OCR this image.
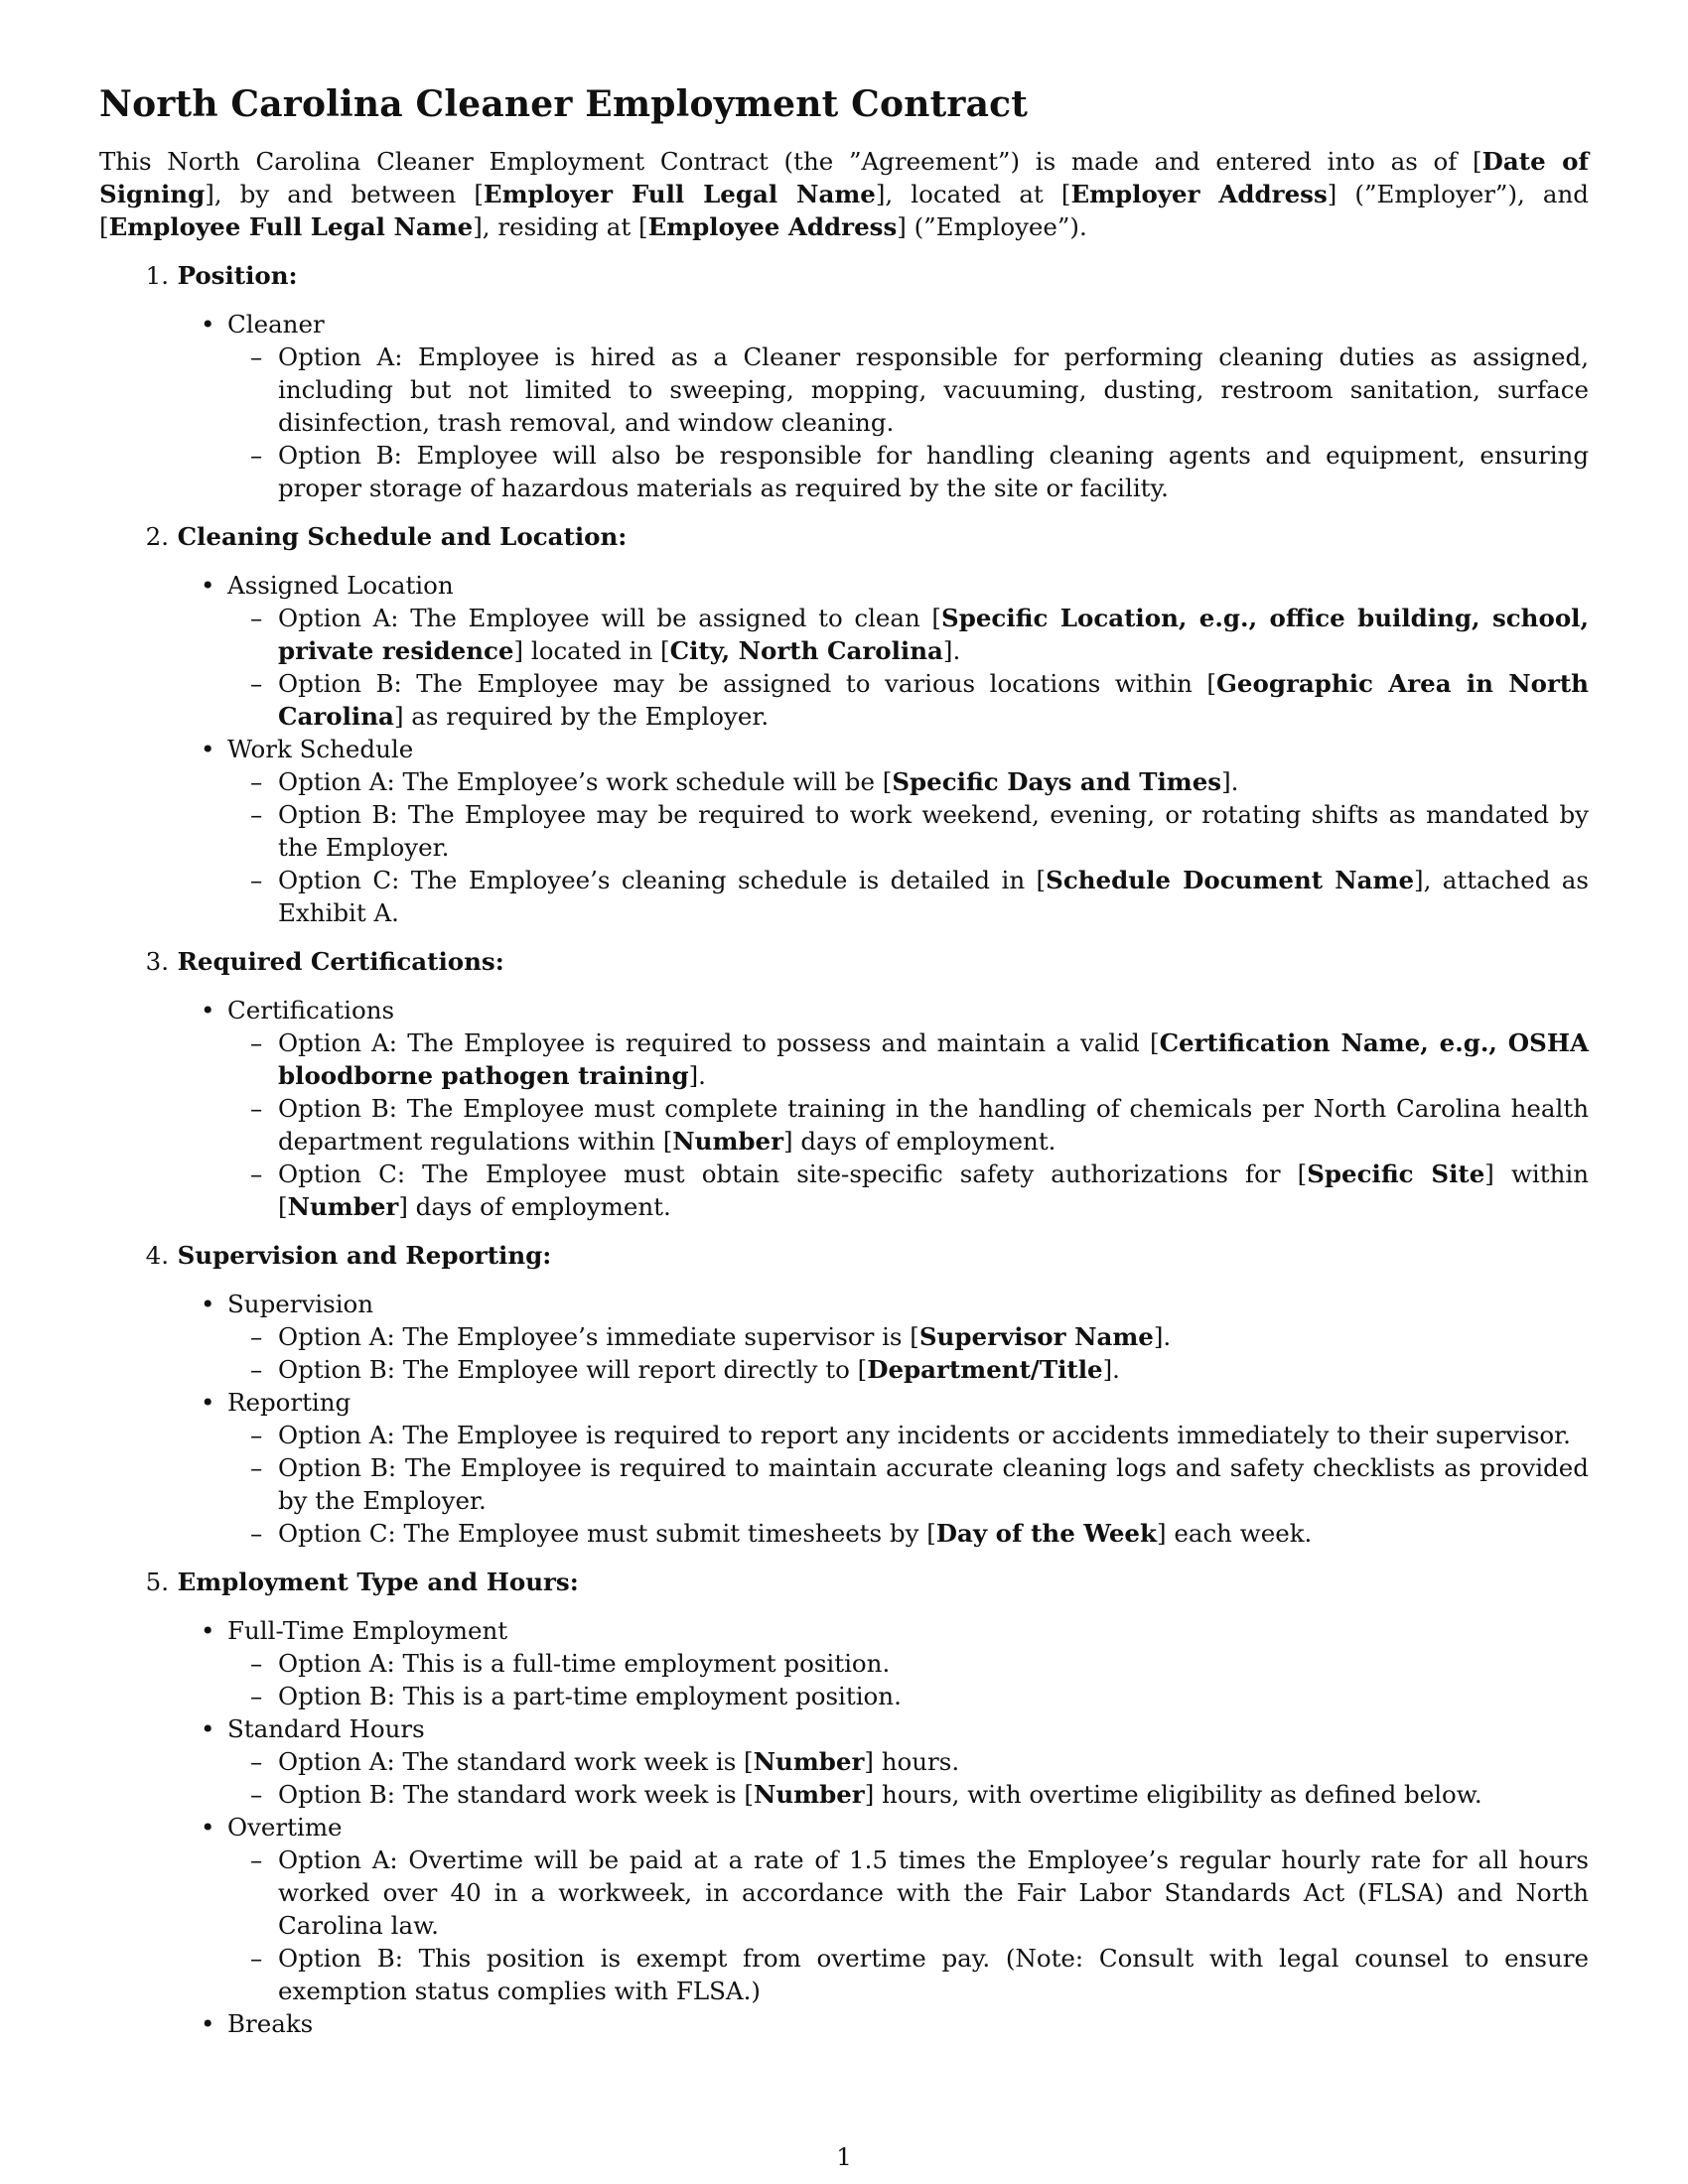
North Carolina Cleaner Employment Contract

This North Carolina Cleaner Employment Contract (the ”Agreement”) is made and entered into as of [Date of Signing], by and between [Employer Full Legal Name], located at [Employer Address] (”Employer”), and [Employee Full Legal Name], residing at [Employee Address] (”Employee”).

1. Position:

• Cleaner
– Option A: Employee is hired as a Cleaner responsible for performing cleaning duties as assigned, including but not limited to sweeping, mopping, vacuuming, dusting, restroom sanitation, surface disinfection, trash removal, and window cleaning.
– Option B: Employee will also be responsible for handling cleaning agents and equipment, ensuring proper storage of hazardous materials as required by the site or facility.

2. Cleaning Schedule and Location:

• Assigned Location
– Option A: The Employee will be assigned to clean [Specific Location, e.g., office building, school, private residence] located in [City, North Carolina].
– Option B: The Employee may be assigned to various locations within [Geographic Area in North Carolina] as required by the Employer.
• Work Schedule
– Option A: The Employee’s work schedule will be [Specific Days and Times].
– Option B: The Employee may be required to work weekend, evening, or rotating shifts as mandated by the Employer.
– Option C: The Employee’s cleaning schedule is detailed in [Schedule Document Name], attached as Exhibit A.

3. Required Certifications:

• Certifications
– Option A: The Employee is required to possess and maintain a valid [Certification Name, e.g., OSHA bloodborne pathogen training].
– Option B: The Employee must complete training in the handling of chemicals per North Carolina health department regulations within [Number] days of employment.
– Option C: The Employee must obtain site-specific safety authorizations for [Specific Site] within [Number] days of employment.

4. Supervision and Reporting:

• Supervision
– Option A: The Employee’s immediate supervisor is [Supervisor Name].
– Option B: The Employee will report directly to [Department/Title].
• Reporting
– Option A: The Employee is required to report any incidents or accidents immediately to their supervisor.
– Option B: The Employee is required to maintain accurate cleaning logs and safety checklists as provided by the Employer.
– Option C: The Employee must submit timesheets by [Day of the Week] each week.

5. Employment Type and Hours:

• Full-Time Employment
– Option A: This is a full-time employment position.
– Option B: This is a part-time employment position.
• Standard Hours
– Option A: The standard work week is [Number] hours.
– Option B: The standard work week is [Number] hours, with overtime eligibility as defined below.
• Overtime
– Option A: Overtime will be paid at a rate of 1.5 times the Employee’s regular hourly rate for all hours worked over 40 in a workweek, in accordance with the Fair Labor Standards Act (FLSA) and North Carolina law.
– Option B: This position is exempt from overtime pay. (Note: Consult with legal counsel to ensure exemption status complies with FLSA.)
• Breaks
1
